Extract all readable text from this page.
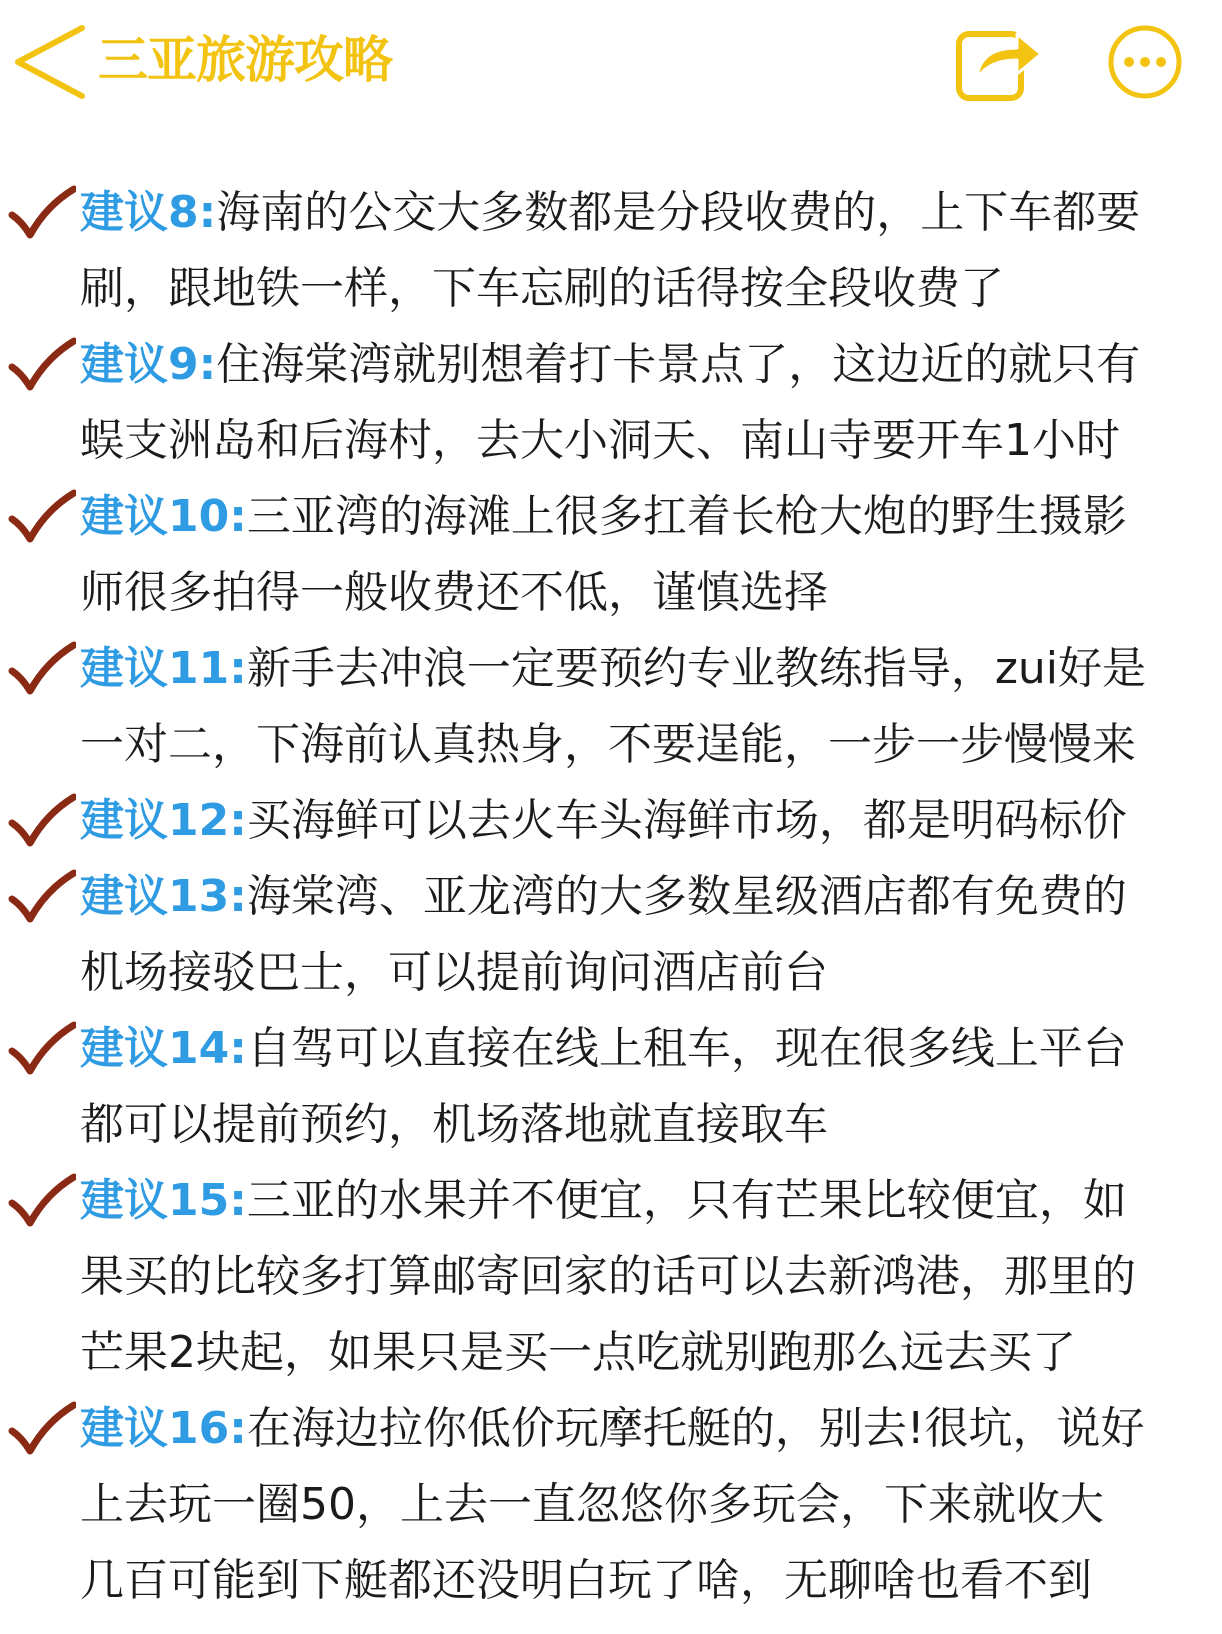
三亚旅游攻略

建议8:海南的公交大多数都是分段收费的，上下车都要
刷，跟地铁一样，下车忘刷的话得按全段收费了

建议9:住海棠湾就别想着打卡景点了，这边近的就只有
蜈支洲岛和后海村，去大小洞天、南山寺要开车1小时

建议10:三亚湾的海滩上很多扛着长枪大炮的野生摄影
师很多拍得一般收费还不低，谨慎选择

建议11:新手去冲浪一定要预约专业教练指导，zui好是
一对二，下海前认真热身，不要逞能，一步一步慢慢来

建议12:买海鲜可以去火车头海鲜市场，都是明码标价

建议13:海棠湾、亚龙湾的大多数星级酒店都有免费的
机场接驳巴士，可以提前询问酒店前台

建议14:自驾可以直接在线上租车，现在很多线上平台
都可以提前预约，机场落地就直接取车

建议15:三亚的水果并不便宜，只有芒果比较便宜，如
果买的比较多打算邮寄回家的话可以去新鸿港，那里的
芒果2块起，如果只是买一点吃就别跑那么远去买了

建议16:在海边拉你低价玩摩托艇的，别去!很坑，说好
上去玩一圈50，上去一直忽悠你多玩会，下来就收大
几百可能到下艇都还没明白玩了啥，无聊啥也看不到
